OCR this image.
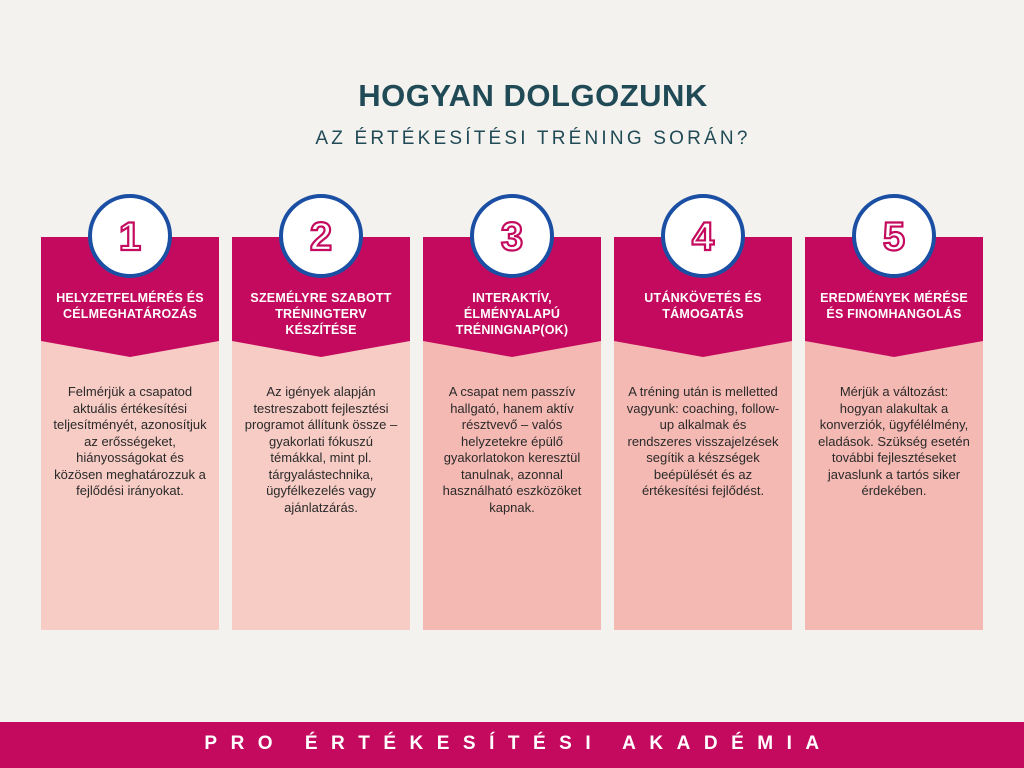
HOGYAN DOLGOZUNK
AZ ÉRTÉKESÍTÉSI TRÉNING SORÁN?
HELYZETFELMÉRÉS ÉS CÉLMEGHATÁROZÁS
Felmérjük a csapatod aktuális értékesítési teljesítményét, azonosítjuk az erősségeket, hiányosságokat és közösen meghatározzuk a fejlődési irányokat.
1
SZEMÉLYRE SZABOTT TRÉNINGTERV KÉSZÍTÉSE
Az igények alapján testreszabott fejlesztési programot állítunk össze – gyakorlati fókuszú témákkal, mint pl. tárgyalástechnika, ügyfélkezelés vagy ajánlatzárás.
2
INTERAKTÍV, ÉLMÉNYALAPÚ TRÉNINGNAP(OK)
A csapat nem passzív hallgató, hanem aktív résztvevő – valós helyzetekre épülő gyakorlatokon keresztül tanulnak, azonnal használható eszközöket kapnak.
3
UTÁNKÖVETÉS ÉS TÁMOGATÁS
A tréning után is melletted vagyunk: coaching, follow-up alkalmak és rendszeres visszajelzések segítik a készségek beépülését és az értékesítési fejlődést.
4
EREDMÉNYEK MÉRÉSE ÉS FINOMHANGOLÁS
Mérjük a változást: hogyan alakultak a konverziók, ügyfélélmény, eladások. Szükség esetén további fejlesztéseket javaslunk a tartós siker érdekében.
5
PRO ÉRTÉKESÍTÉSI AKADÉMIA
